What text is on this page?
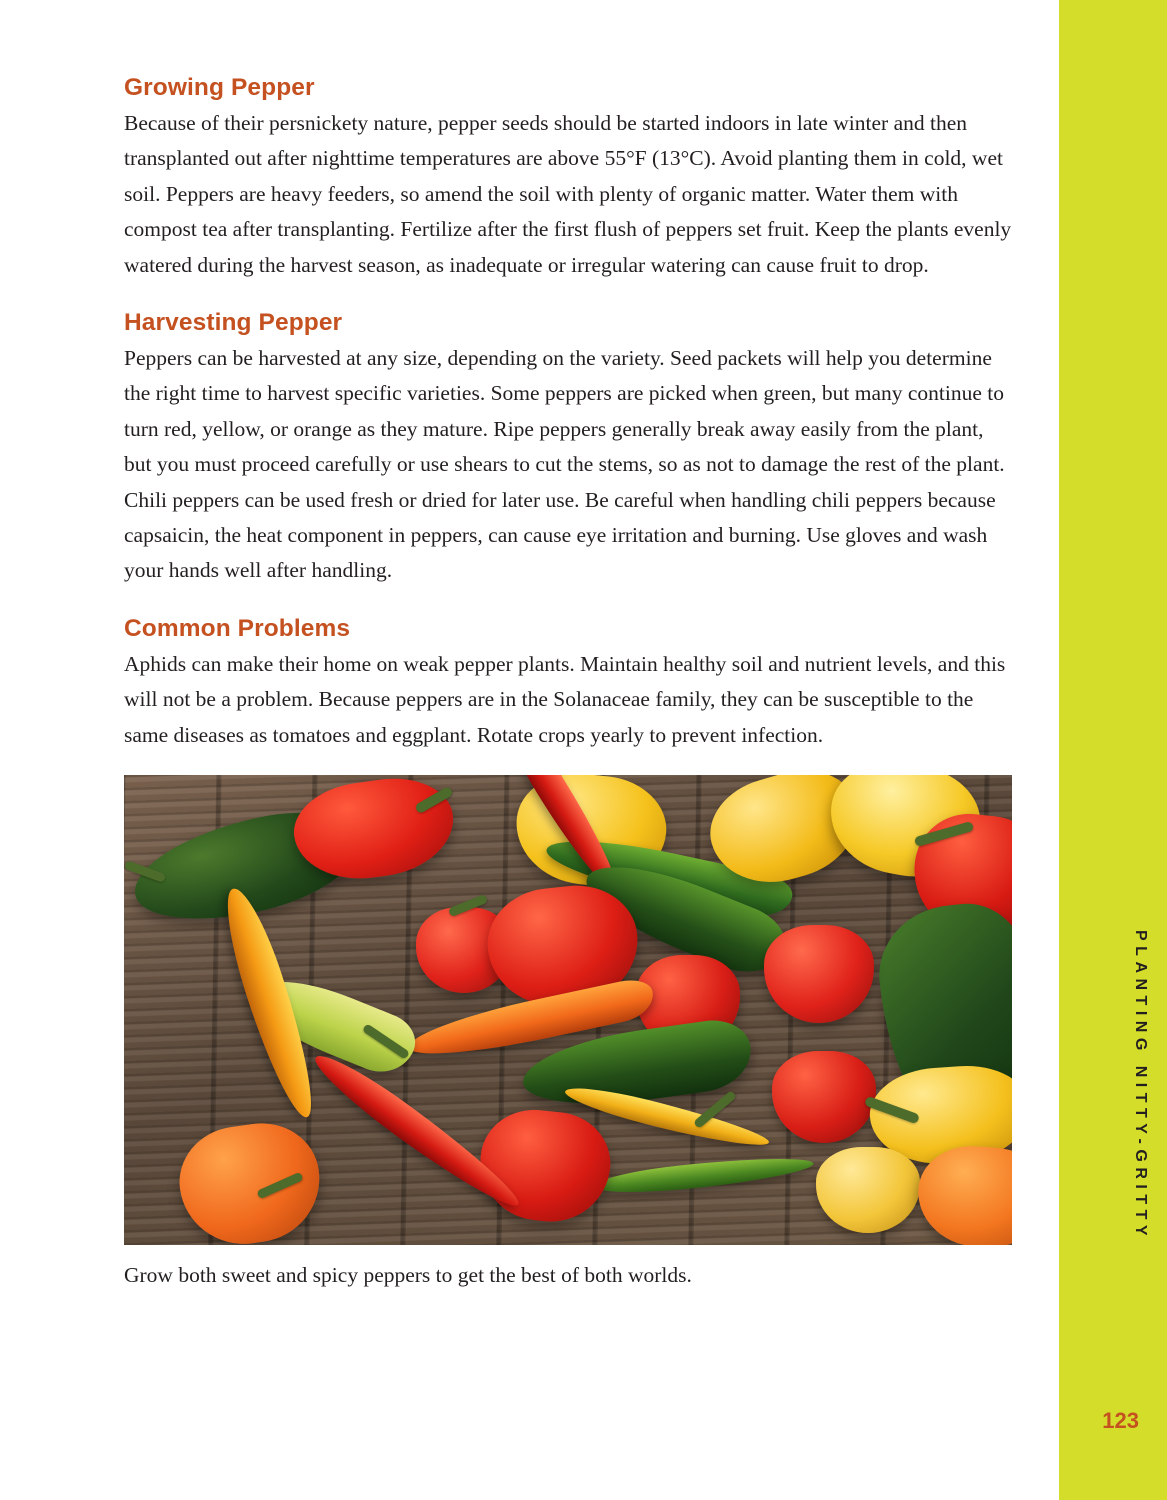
PLANTING NITTY-GRITTY
123
Growing Pepper

Because of their persnickety nature, pepper seeds should be started indoors in late winter and then transplanted out after nighttime temperatures are above 55°F (13°C). Avoid planting them in cold, wet soil. Peppers are heavy feeders, so amend the soil with plenty of organic matter. Water them with compost tea after transplanting. Fertilize after the first flush of peppers set fruit. Keep the plants evenly watered during the harvest season, as inadequate or irregular watering can cause fruit to drop.

Harvesting Pepper

Peppers can be harvested at any size, depending on the variety. Seed packets will help you determine the right time to harvest specific varieties. Some peppers are picked when green, but many continue to turn red, yellow, or orange as they mature. Ripe peppers generally break away easily from the plant, but you must proceed carefully or use shears to cut the stems, so as not to damage the rest of the plant. Chili peppers can be used fresh or dried for later use. Be careful when handling chili peppers because capsaicin, the heat component in peppers, can cause eye irritation and burning. Use gloves and wash your hands well after handling.

Common Problems

Aphids can make their home on weak pepper plants. Maintain healthy soil and nutrient levels, and this will not be a problem. Because peppers are in the Solanaceae family, they can be susceptible to the same diseases as tomatoes and eggplant. Rotate crops yearly to prevent infection.

Grow both sweet and spicy peppers to get the best of both worlds.
